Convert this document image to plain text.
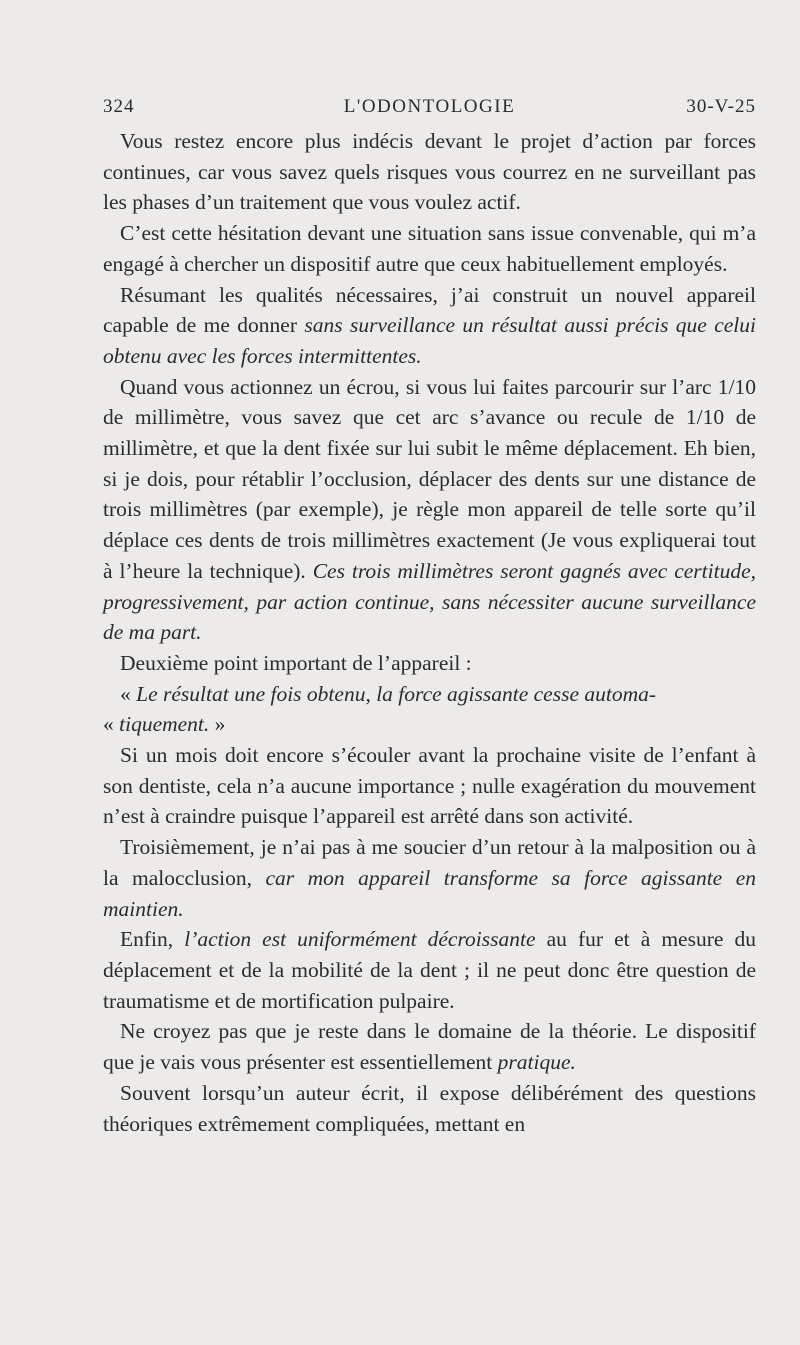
324	L'ODONTOLOGIE	30-V-25

Vous restez encore plus indécis devant le projet d’action par forces continues, car vous savez quels risques vous courrez en ne surveillant pas les phases d’un traitement que vous voulez actif.

C’est cette hésitation devant une situation sans issue convenable, qui m’a engagé à chercher un dispositif autre que ceux habituellement employés.

Résumant les qualités nécessaires, j’ai construit un nouvel appareil capable de me donner sans surveillance un résultat aussi précis que celui obtenu avec les forces intermittentes.

Quand vous actionnez un écrou, si vous lui faites parcourir sur l’arc 1/10 de millimètre, vous savez que cet arc s’avance ou recule de 1/10 de millimètre, et que la dent fixée sur lui subit le même déplacement. Eh bien, si je dois, pour rétablir l’occlusion, déplacer des dents sur une distance de trois millimètres (par exemple), je règle mon appareil de telle sorte qu’il déplace ces dents de trois millimètres exactement (Je vous expliquerai tout à l’heure la technique). Ces trois millimètres seront gagnés avec certitude, progressivement, par action continue, sans nécessiter aucune surveillance de ma part.

Deuxième point important de l’appareil :

« Le résultat une fois obtenu, la force agissante cesse automa-
« tiquement. »

Si un mois doit encore s’écouler avant la prochaine visite de l’enfant à son dentiste, cela n’a aucune importance ; nulle exagération du mouvement n’est à craindre puisque l’appareil est arrêté dans son activité.

Troisièmement, je n’ai pas à me soucier d’un retour à la malposition ou à la malocclusion, car mon appareil transforme sa force agissante en maintien.

Enfin, l’action est uniformément décroissante au fur et à mesure du déplacement et de la mobilité de la dent ; il ne peut donc être question de traumatisme et de mortification pulpaire.

Ne croyez pas que je reste dans le domaine de la théorie. Le dispositif que je vais vous présenter est essentiellement pratique.

Souvent lorsqu’un auteur écrit, il expose délibérément des questions théoriques extrêmement compliquées, mettant en
